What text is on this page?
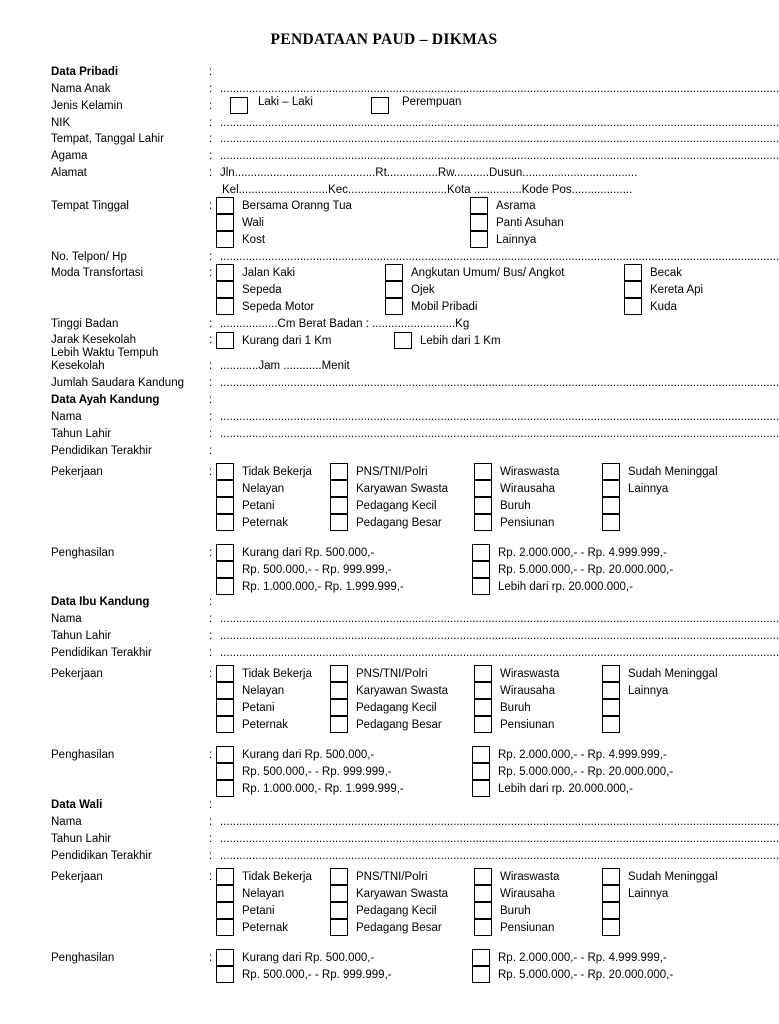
PENDATAAN PAUD – DIKMAS
Data Pribadi	:
Nama Anak	: ...............................................................................................................................................................................
Jenis Kelamin	:	Laki – Laki	Perempuan
NIK	: ...............................................................................................................................................................................
Tempat, Tanggal Lahir	: ...............................................................................................................................................................................
Agama	: ...............................................................................................................................................................................
Alamat	: Jln............................................Rt................Rw...........Dusun....................................
Kel............................Kec...............................Kota ...............Kode Pos...................
Tempat Tinggal	:	Bersama Oranng Tua	Asrama
Wali	Panti Asuhan
Kost	Lainnya
No. Telpon/ Hp	: ...............................................................................................................................................................................
Moda Transfortasi	:	Jalan Kaki	Angkutan Umum/ Bus/ Angkot	Becak
Sepeda	Ojek	Kereta Api
Sepeda Motor	Mobil Pribadi	Kuda
Tinggi Badan	: ..................Cm Berat Badan : ..........................Kg
Jarak Kesekolah	:	Kurang dari 1 Km	Lebih dari 1 Km
Lebih Waktu Tempuh
Kesekolah	: ............Jam ............Menit
Jumlah Saudara Kandung : ...............................................................................................................................................................................
Data Ayah Kandung	:
Nama	: ...............................................................................................................................................................................
Tahun Lahir	: ...............................................................................................................................................................................
Pendidikan Terakhir	:
Pekerjaan	:	Tidak Bekerja	PNS/TNI/Polri	Wiraswasta	Sudah Meninggal
Nelayan	Karyawan Swasta	Wirausaha	Lainnya
Petani	Pedagang Kecil	Buruh
Peternak	Pedagang Besar	Pensiunan
Penghasilan	:	Kurang dari Rp. 500.000,-	Rp. 2.000.000,- - Rp. 4.999.999,-
Rp. 500.000,- - Rp. 999.999,-	Rp. 5.000.000,- - Rp. 20.000.000,-
Rp. 1.000.000,- Rp. 1.999.999,-	Lebih dari rp. 20.000.000,-
Data Ibu Kandung	:
Nama	: ...............................................................................................................................................................................
Tahun Lahir	: ...............................................................................................................................................................................
Pendidikan Terakhir	: ...............................................................................................................................................................................
Pekerjaan	:	Tidak Bekerja	PNS/TNI/Polri	Wiraswasta	Sudah Meninggal
Nelayan	Karyawan Swasta	Wirausaha	Lainnya
Petani	Pedagang Kecil	Buruh
Peternak	Pedagang Besar	Pensiunan
Penghasilan	:	Kurang dari Rp. 500.000,-	Rp. 2.000.000,- - Rp. 4.999.999,-
Rp. 500.000,- - Rp. 999.999,-	Rp. 5.000.000,- - Rp. 20.000.000,-
Rp. 1.000.000,- Rp. 1.999.999,-	Lebih dari rp. 20.000.000,-
Data Wali	:
Nama	: ...............................................................................................................................................................................
Tahun Lahir	: ...............................................................................................................................................................................
Pendidikan Terakhir	: ...............................................................................................................................................................................
Pekerjaan	:	Tidak Bekerja	PNS/TNI/Polri	Wiraswasta	Sudah Meninggal
Nelayan	Karyawan Swasta	Wirausaha	Lainnya
Petani	Pedagang Kecil	Buruh
Peternak	Pedagang Besar	Pensiunan
Penghasilan	:	Kurang dari Rp. 500.000,-	Rp. 2.000.000,- - Rp. 4.999.999,-
Rp. 500.000,- - Rp. 999.999,-	Rp. 5.000.000,- - Rp. 20.000.000,-
